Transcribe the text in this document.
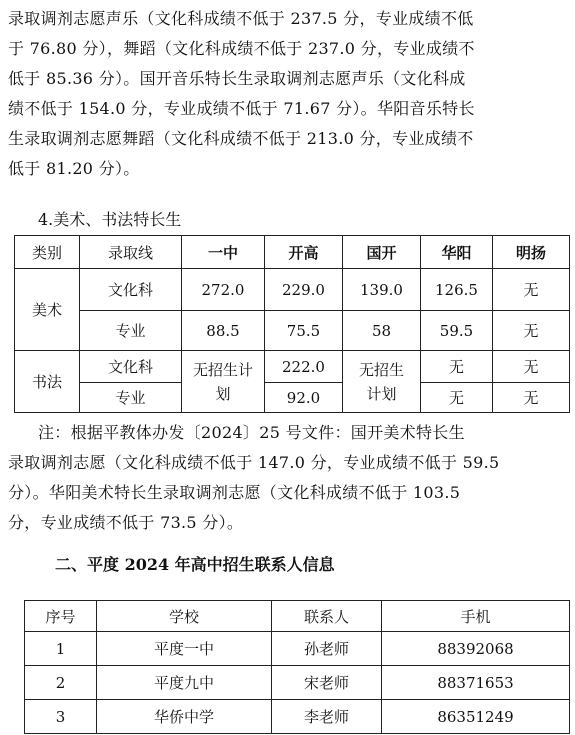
录取调剂志愿声乐（文化科成绩不低于 237.5 分，专业成绩不低
于 76.80 分），舞蹈（文化科成绩不低于 237.0 分，专业成绩不
低于 85.36 分）。国开音乐特长生录取调剂志愿声乐（文化科成
绩不低于 154.0 分，专业成绩不低于 71.67 分）。华阳音乐特长
生录取调剂志愿舞蹈（文化科成绩不低于 213.0 分，专业成绩不
低于 81.20 分）。
4.美术、书法特长生
类别	录取线	一中	开高	国开	华阳	明扬
美术	文化科	272.0	229.0	139.0	126.5	无
	专业	88.5	75.5	58	59.5	无
书法	文化科	无招生计划	222.0	无招生计划	无	无
	专业		92.0		无	无
注：根据平教体办发〔2024〕25 号文件：国开美术特长生
录取调剂志愿（文化科成绩不低于 147.0 分，专业成绩不低于 59.5
分）。华阳美术特长生录取调剂志愿（文化科成绩不低于 103.5
分，专业成绩不低于 73.5 分）。
二、平度 2024 年高中招生联系人信息
序号	学校	联系人	手机
1	平度一中	孙老师	88392068
2	平度九中	宋老师	88371653
3	华侨中学	李老师	86351249
